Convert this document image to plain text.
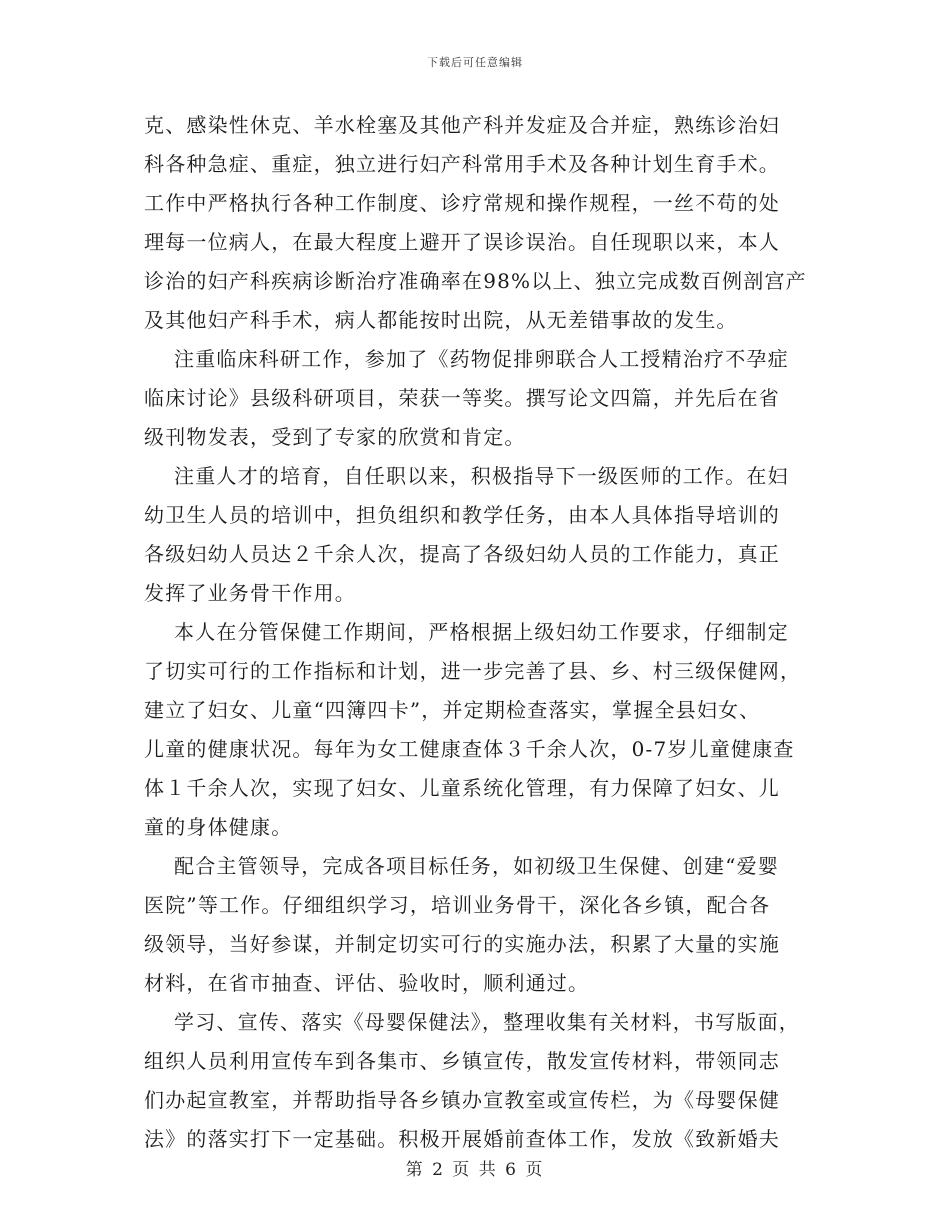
下载后可任意编辑
克、感染性休克、羊水栓塞及其他产科并发症及合并症，熟练诊治妇
科各种急症、重症，独立进行妇产科常用手术及各种计划生育手术。
工作中严格执行各种工作制度、诊疗常规和操作规程，一丝不苟的处
理每一位病人，在最大程度上避开了误诊误治。自任现职以来，本人
诊治的妇产科疾病诊断治疗准确率在98%以上、独立完成数百例剖宫产
及其他妇产科手术，病人都能按时出院，从无差错事故的发生。
注重临床科研工作，参加了《药物促排卵联合人工授精治疗不孕症
临床讨论》县级科研项目，荣获一等奖。撰写论文四篇，并先后在省
级刊物发表，受到了专家的欣赏和肯定。
注重人才的培育，自任职以来，积极指导下一级医师的工作。在妇
幼卫生人员的培训中，担负组织和教学任务，由本人具体指导培训的
各级妇幼人员达２千余人次，提高了各级妇幼人员的工作能力，真正
发挥了业务骨干作用。
本人在分管保健工作期间，严格根据上级妇幼工作要求，仔细制定
了切实可行的工作指标和计划，进一步完善了县、乡、村三级保健网，
建立了妇女、儿童“四簿四卡”，并定期检查落实，掌握全县妇女、
儿童的健康状况。每年为女工健康查体３千余人次，0-7岁儿童健康查
体１千余人次，实现了妇女、儿童系统化管理，有力保障了妇女、儿
童的身体健康。
配合主管领导，完成各项目标任务，如初级卫生保健、创建“爱婴
医院”等工作。仔细组织学习，培训业务骨干，深化各乡镇，配合各
级领导，当好参谋，并制定切实可行的实施办法，积累了大量的实施
材料，在省市抽查、评估、验收时，顺利通过。
学习、宣传、落实《母婴保健法》，整理收集有关材料，书写版面，
组织人员利用宣传车到各集市、乡镇宣传，散发宣传材料，带领同志
们办起宣教室，并帮助指导各乡镇办宣教室或宣传栏，为《母婴保健
法》的落实打下一定基础。积极开展婚前查体工作，发放《致新婚夫
第 2 页 共 6 页
